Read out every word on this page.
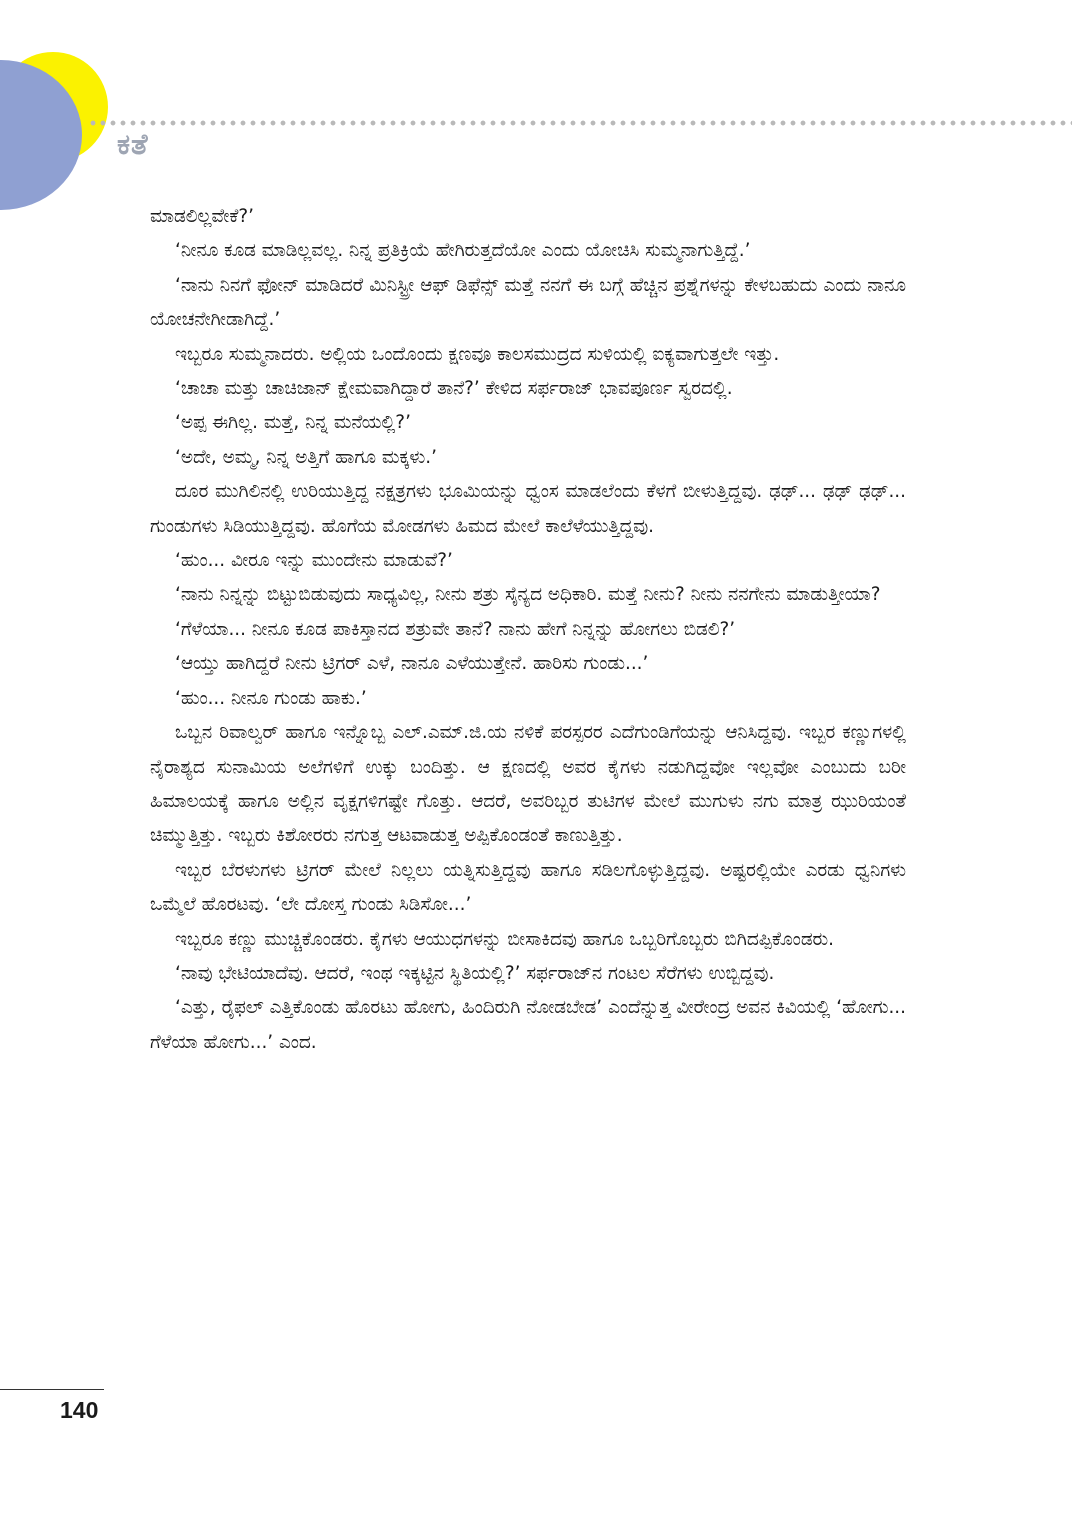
ಕತೆ

ಮಾಡಲಿಲ್ಲವೇಕೆ?’

‘ನೀನೂ ಕೂಡ ಮಾಡಿಲ್ಲವಲ್ಲ. ನಿನ್ನ ಪ್ರತಿಕ್ರಿಯೆ ಹೇಗಿರುತ್ತದೆಯೋ ಎಂದು ಯೋಚಿಸಿ ಸುಮ್ಮನಾಗುತ್ತಿದ್ದೆ.’

‘ನಾನು ನಿನಗೆ ಫೋನ್ ಮಾಡಿದರೆ ಮಿನಿಸ್ಟ್ರೀ ಆಫ್ ಡಿಫೆನ್ಸ್ ಮತ್ತೆ ನನಗೆ ಈ ಬಗ್ಗೆ ಹೆಚ್ಚಿನ ಪ್ರಶ್ನೆಗಳನ್ನು ಕೇಳಬಹುದು ಎಂದು ನಾನೂ ಯೋಚನೇಗೀಡಾಗಿದ್ದೆ.’

ಇಬ್ಬರೂ ಸುಮ್ಮನಾದರು. ಅಲ್ಲಿಯ ಒಂದೊಂದು ಕ್ಷಣವೂ ಕಾಲಸಮುದ್ರದ ಸುಳಿಯಲ್ಲಿ ಐಕ್ಯವಾಗುತ್ತಲೇ ಇತ್ತು.

‘ಚಾಚಾ ಮತ್ತು ಚಾಚಿಜಾನ್ ಕ್ಷೇಮವಾಗಿದ್ದಾರೆ ತಾನೆ?’ ಕೇಳಿದ ಸರ್ಫರಾಜ್ ಭಾವಪೂರ್ಣ ಸ್ವರದಲ್ಲಿ.

‘ಅಪ್ಪ ಈಗಿಲ್ಲ. ಮತ್ತೆ, ನಿನ್ನ ಮನೆಯಲ್ಲಿ?’

‘ಅದೇ, ಅಮ್ಮ, ನಿನ್ನ ಅತ್ತಿಗೆ ಹಾಗೂ ಮಕ್ಕಳು.’

ದೂರ ಮುಗಿಲಿನಲ್ಲಿ ಉರಿಯುತ್ತಿದ್ದ ನಕ್ಷತ್ರಗಳು ಭೂಮಿಯನ್ನು ಧ್ವಂಸ ಮಾಡಲೆಂದು ಕೆಳಗೆ ಬೀಳುತ್ತಿದ್ದವು. ಢಢ್... ಢಢ್ ಢಢ್... ಗುಂಡುಗಳು ಸಿಡಿಯುತ್ತಿದ್ದವು. ಹೊಗೆಯ ಮೋಡಗಳು ಹಿಮದ ಮೇಲೆ ಕಾಲೆಳೆಯುತ್ತಿದ್ದವು.

‘ಹುಂ... ವೀರೂ ಇನ್ನು ಮುಂದೇನು ಮಾಡುವೆ?’

‘ನಾನು ನಿನ್ನನ್ನು ಬಿಟ್ಟುಬಿಡುವುದು ಸಾಧ್ಯವಿಲ್ಲ, ನೀನು ಶತ್ರು ಸೈನ್ಯದ ಅಧಿಕಾರಿ. ಮತ್ತೆ ನೀನು? ನೀನು ನನಗೇನು ಮಾಡುತ್ತೀಯಾ?

‘ಗೆಳೆಯಾ... ನೀನೂ ಕೂಡ ಪಾಕಿಸ್ತಾನದ ಶತ್ರುವೇ ತಾನೆ? ನಾನು ಹೇಗೆ ನಿನ್ನನ್ನು ಹೋಗಲು ಬಿಡಲಿ?’

‘ಆಯ್ತು ಹಾಗಿದ್ದರೆ ನೀನು ಟ್ರಿಗರ್ ಎಳೆ, ನಾನೂ ಎಳೆಯುತ್ತೇನೆ. ಹಾರಿಸು ಗುಂಡು...’

‘ಹುಂ... ನೀನೂ ಗುಂಡು ಹಾಕು.’

ಒಬ್ಬನ ರಿವಾಲ್ವರ್ ಹಾಗೂ ಇನ್ನೊಬ್ಬ ಎಲ್.ಎಮ್.ಜಿ.ಯ ನಳಿಕೆ ಪರಸ್ಪರರ ಎದೆಗುಂಡಿಗೆಯನ್ನು ಆನಿಸಿದ್ದವು. ಇಬ್ಬರ ಕಣ್ಣುಗಳಲ್ಲಿ ನೈರಾಶ್ಯದ ಸುನಾಮಿಯ ಅಲೆಗಳಿಗೆ ಉಕ್ಕು ಬಂದಿತ್ತು. ಆ ಕ್ಷಣದಲ್ಲಿ ಅವರ ಕೈಗಳು ನಡುಗಿದ್ದವೋ ಇಲ್ಲವೋ ಎಂಬುದು ಬರೀ ಹಿಮಾಲಯಕ್ಕೆ ಹಾಗೂ ಅಲ್ಲಿನ ವೃಕ್ಷಗಳಿಗಷ್ಟೇ ಗೊತ್ತು. ಆದರೆ, ಅವರಿಬ್ಬರ ತುಟಿಗಳ ಮೇಲೆ ಮುಗುಳು ನಗು ಮಾತ್ರ ಝುರಿಯಂತೆ ಚಿಮ್ಮುತ್ತಿತ್ತು. ಇಬ್ಬರು ಕಿಶೋರರು ನಗುತ್ತ ಆಟವಾಡುತ್ತ ಅಪ್ಪಿಕೊಂಡಂತೆ ಕಾಣುತ್ತಿತ್ತು.

ಇಬ್ಬರ ಬೆರಳುಗಳು ಟ್ರಿಗರ್ ಮೇಲೆ ನಿಲ್ಲಲು ಯತ್ನಿಸುತ್ತಿದ್ದವು ಹಾಗೂ ಸಡಿಲಗೊಳ್ಳುತ್ತಿದ್ದವು. ಅಷ್ಟರಲ್ಲಿಯೇ ಎರಡು ಧ್ವನಿಗಳು ಒಮ್ಮೆಲೆ ಹೊರಟವು. ‘ಲೇ ದೋಸ್ತ ಗುಂಡು ಸಿಡಿಸೋ...’

ಇಬ್ಬರೂ ಕಣ್ಣು ಮುಚ್ಚಿಕೊಂಡರು. ಕೈಗಳು ಆಯುಧಗಳನ್ನು ಬೀಸಾಕಿದವು ಹಾಗೂ ಒಬ್ಬರಿಗೊಬ್ಬರು ಬಿಗಿದಪ್ಪಿಕೊಂಡರು.

‘ನಾವು ಭೇಟಿಯಾದೆವು. ಆದರೆ, ಇಂಥ ಇಕ್ಕಟ್ಟಿನ ಸ್ಥಿತಿಯಲ್ಲಿ?’ ಸರ್ಫರಾಜ್‌ನ ಗಂಟಲ ಸೆರೆಗಳು ಉಬ್ಬಿದ್ದವು.

‘ಎತ್ತು, ರೈಫಲ್ ಎತ್ತಿಕೊಂಡು ಹೊರಟು ಹೋಗು, ಹಿಂದಿರುಗಿ ನೋಡಬೇಡ’ ಎಂದೆನ್ನುತ್ತ ವೀರೇಂದ್ರ ಅವನ ಕಿವಿಯಲ್ಲಿ ‘ಹೋಗು... ಗೆಳೆಯಾ ಹೋಗು...’ ಎಂದ.

140
